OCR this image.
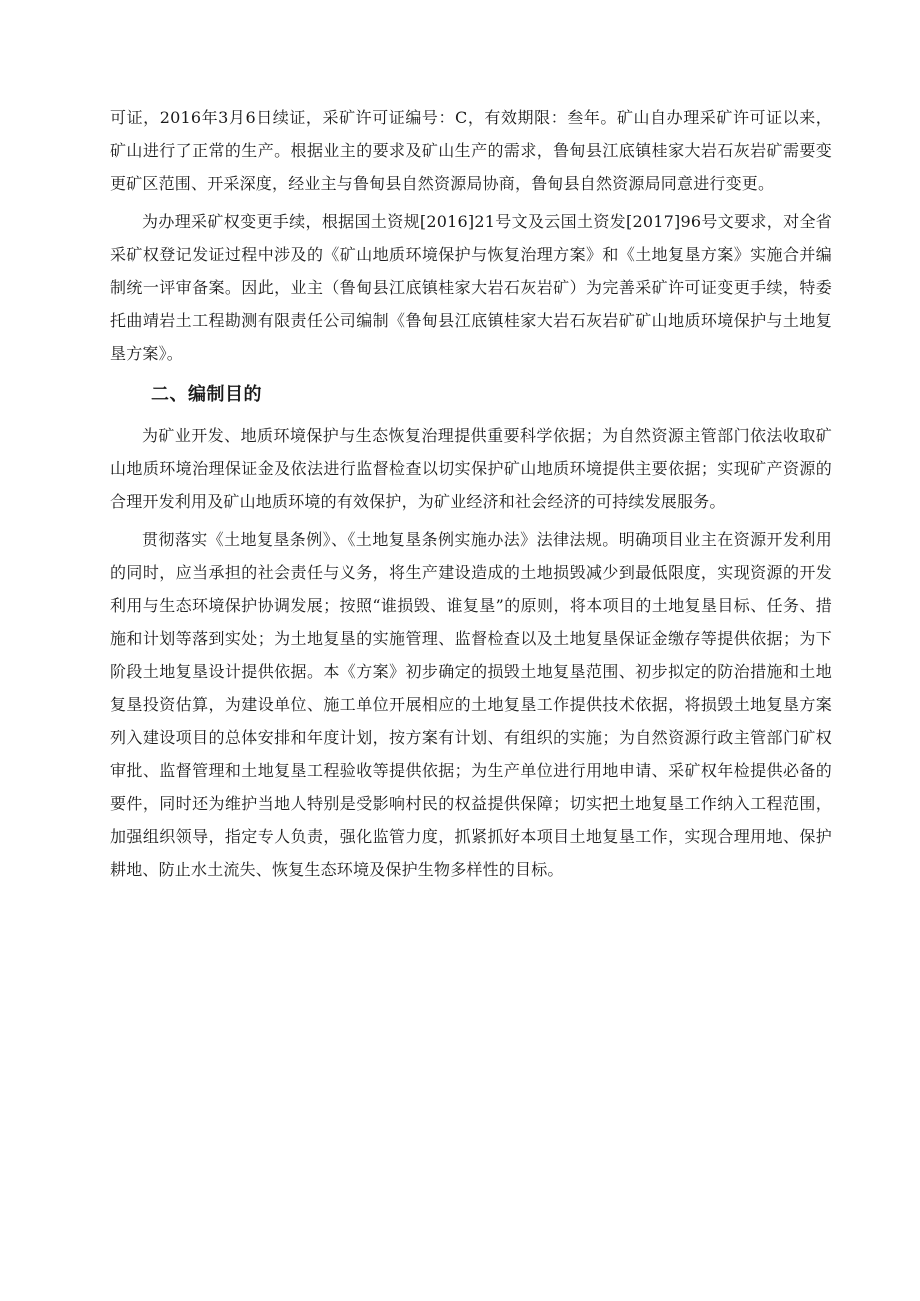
可证，2016年3月6日续证，采矿许可证编号：C，有效期限：叁年。矿山自办理采矿许可证以来，矿山进行了正常的生产。根据业主的要求及矿山生产的需求，鲁甸县江底镇桂家大岩石灰岩矿需要变更矿区范围、开采深度，经业主与鲁甸县自然资源局协商，鲁甸县自然资源局同意进行变更。

为办理采矿权变更手续，根据国土资规[2016]21号文及云国土资发[2017]96号文要求，对全省采矿权登记发证过程中涉及的《矿山地质环境保护与恢复治理方案》和《土地复垦方案》实施合并编制统一评审备案。因此，业主（鲁甸县江底镇桂家大岩石灰岩矿）为完善采矿许可证变更手续，特委托曲靖岩土工程勘测有限责任公司编制《鲁甸县江底镇桂家大岩石灰岩矿矿山地质环境保护与土地复垦方案》。

二、编制目的

为矿业开发、地质环境保护与生态恢复治理提供重要科学依据；为自然资源主管部门依法收取矿山地质环境治理保证金及依法进行监督检查以切实保护矿山地质环境提供主要依据；实现矿产资源的合理开发利用及矿山地质环境的有效保护，为矿业经济和社会经济的可持续发展服务。

贯彻落实《土地复垦条例》、《土地复垦条例实施办法》法律法规。明确项目业主在资源开发利用的同时，应当承担的社会责任与义务，将生产建设造成的土地损毁减少到最低限度，实现资源的开发利用与生态环境保护协调发展；按照“谁损毁、谁复垦”的原则，将本项目的土地复垦目标、任务、措施和计划等落到实处；为土地复垦的实施管理、监督检查以及土地复垦保证金缴存等提供依据；为下阶段土地复垦设计提供依据。本《方案》初步确定的损毁土地复垦范围、初步拟定的防治措施和土地复垦投资估算，为建设单位、施工单位开展相应的土地复垦工作提供技术依据，将损毁土地复垦方案列入建设项目的总体安排和年度计划，按方案有计划、有组织的实施；为自然资源行政主管部门矿权审批、监督管理和土地复垦工程验收等提供依据；为生产单位进行用地申请、采矿权年检提供必备的要件，同时还为维护当地人特别是受影响村民的权益提供保障；切实把土地复垦工作纳入工程范围，加强组织领导，指定专人负责，强化监管力度，抓紧抓好本项目土地复垦工作，实现合理用地、保护耕地、防止水土流失、恢复生态环境及保护生物多样性的目标。
